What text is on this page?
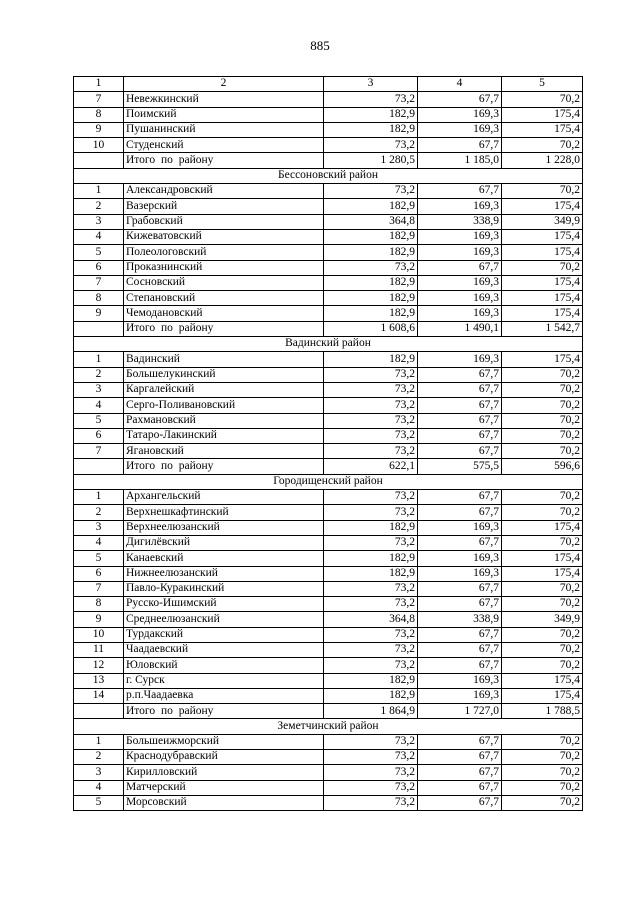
885
1	2	3	4	5
7	Невежкинский	73,2	67,7	70,2
8	Поимский	182,9	169,3	175,4
9	Пушанинский	182,9	169,3	175,4
10	Студенский	73,2	67,7	70,2
	Итого по району	1 280,5	1 185,0	1 228,0
Бессоновский район				
1	Александровский	73,2	67,7	70,2
2	Вазерский	182,9	169,3	175,4
3	Грабовский	364,8	338,9	349,9
4	Кижеватовский	182,9	169,3	175,4
5	Полеологовский	182,9	169,3	175,4
6	Проказнинский	73,2	67,7	70,2
7	Сосновский	182,9	169,3	175,4
8	Степановский	182,9	169,3	175,4
9	Чемодановский	182,9	169,3	175,4
	Итого по району	1 608,6	1 490,1	1 542,7
Вадинский район				
1	Вадинский	182,9	169,3	175,4
2	Большелукинский	73,2	67,7	70,2
3	Каргалейский	73,2	67,7	70,2
4	Серго-Поливановский	73,2	67,7	70,2
5	Рахмановский	73,2	67,7	70,2
6	Татаро-Лакинский	73,2	67,7	70,2
7	Ягановский	73,2	67,7	70,2
	Итого по району	622,1	575,5	596,6
Городищенский район				
1	Архангельский	73,2	67,7	70,2
2	Верхнешкафтинский	73,2	67,7	70,2
3	Верхнеелюзанский	182,9	169,3	175,4
4	Дигилёвский	73,2	67,7	70,2
5	Канаевский	182,9	169,3	175,4
6	Нижнеелюзанский	182,9	169,3	175,4
7	Павло-Куракинский	73,2	67,7	70,2
8	Русско-Ишимский	73,2	67,7	70,2
9	Среднеелюзанский	364,8	338,9	349,9
10	Турдакский	73,2	67,7	70,2
11	Чаадаевский	73,2	67,7	70,2
12	Юловский	73,2	67,7	70,2
13	г. Сурск	182,9	169,3	175,4
14	р.п.Чаадаевка	182,9	169,3	175,4
	Итого по району	1 864,9	1 727,0	1 788,5
Земетчинский район				
1	Большеижморский	73,2	67,7	70,2
2	Краснодубравский	73,2	67,7	70,2
3	Кирилловский	73,2	67,7	70,2
4	Матчерский	73,2	67,7	70,2
5	Морсовский	73,2	67,7	70,2
